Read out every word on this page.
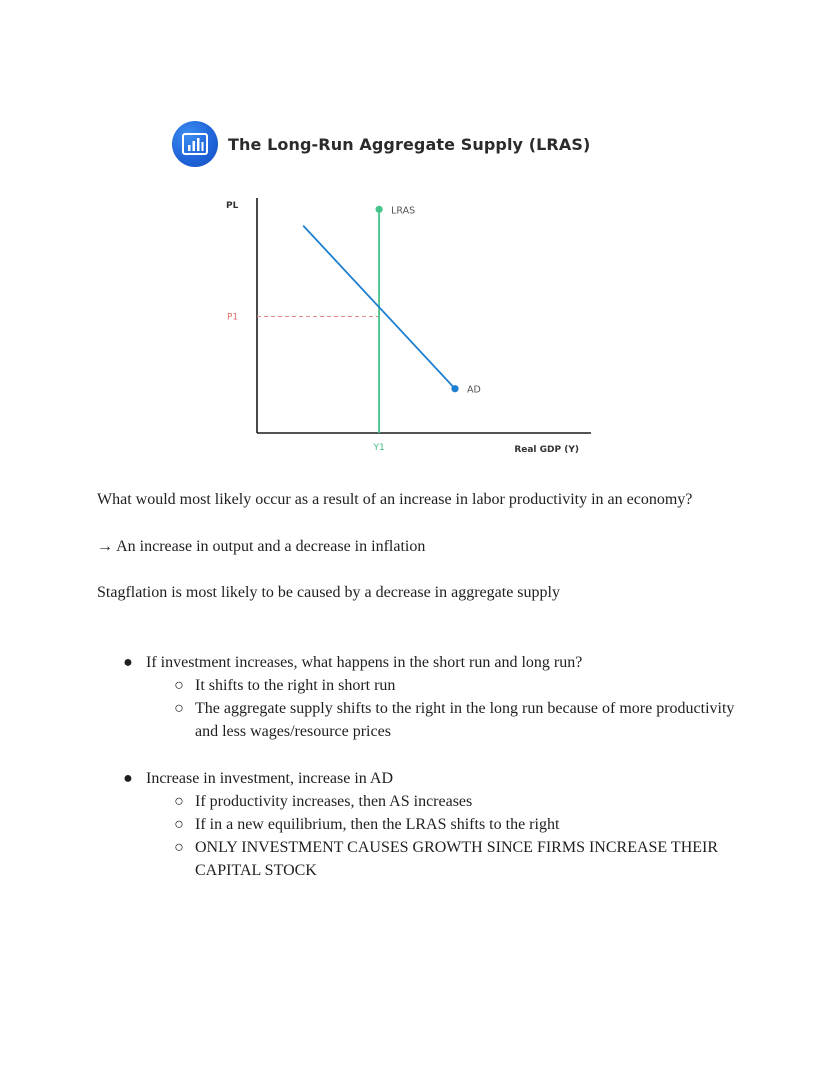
The Long-Run Aggregate Supply (LRAS)
LRAS
AD
PL
P1
Y1	Real GDP (Y)
What would most likely occur as a result of an increase in labor productivity in an economy?
→ An increase in output and a decrease in inflation
Stagflation is most likely to be caused by a decrease in aggregate supply
● If investment increases, what happens in the short run and long run?
○ It shifts to the right in short run
○ The aggregate supply shifts to the right in the long run because of more productivity and less wages/resource prices
● Increase in investment, increase in AD
○ If productivity increases, then AS increases
○ If in a new equilibrium, then the LRAS shifts to the right
○ ONLY INVESTMENT CAUSES GROWTH SINCE FIRMS INCREASE THEIR CAPITAL STOCK
